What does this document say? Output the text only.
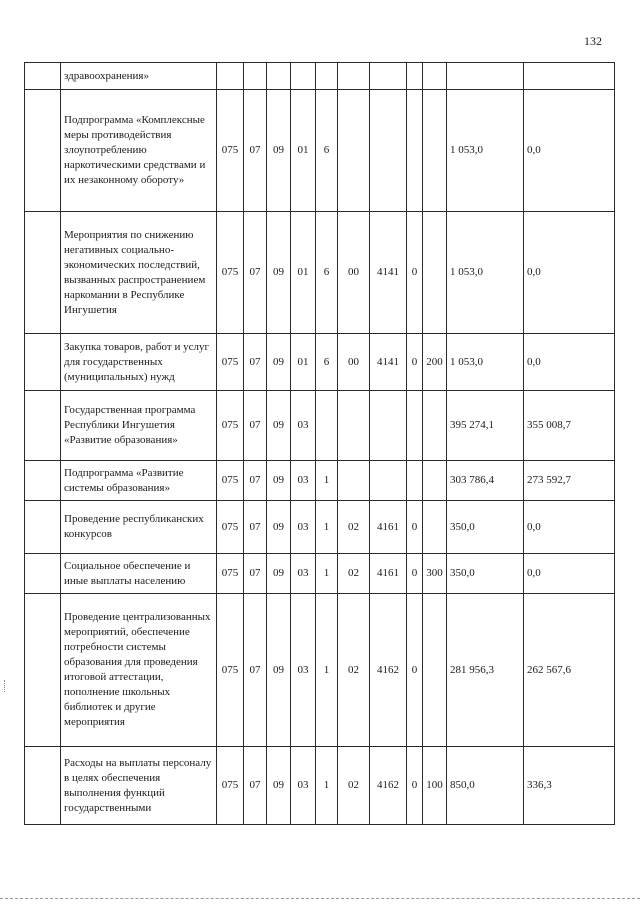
132
	здравоохранения»											
	Подпрограмма «Комплексные меры противодействия злоупотреблению наркотическими средствами и их незаконному обороту»	075	07	09	01	6					1 053,0	0,0
	Мероприятия по снижению негативных социально-экономических последствий, вызванных распространением наркомании в Республике Ингушетия	075	07	09	01	6	00	4141	0		1 053,0	0,0
	Закупка товаров, работ и услуг для государственных (муниципальных) нужд	075	07	09	01	6	00	4141	0	200	1 053,0	0,0
	Государственная программа Республики Ингушетия «Развитие образования»	075	07	09	03						395 274,1	355 008,7
	Подпрограмма «Развитие системы образования»	075	07	09	03	1					303 786,4	273 592,7
	Проведение республиканских конкурсов	075	07	09	03	1	02	4161	0		350,0	0,0
	Социальное обеспечение и иные выплаты населению	075	07	09	03	1	02	4161	0	300	350,0	0,0
	Проведение централизованных мероприятий, обеспечение потребности системы образования для проведения итоговой аттестации, пополнение школьных библиотек и другие мероприятия	075	07	09	03	1	02	4162	0		281 956,3	262 567,6
	Расходы на выплаты персоналу в целях обеспечения выполнения функций государственными	075	07	09	03	1	02	4162	0	100	850,0	336,3
